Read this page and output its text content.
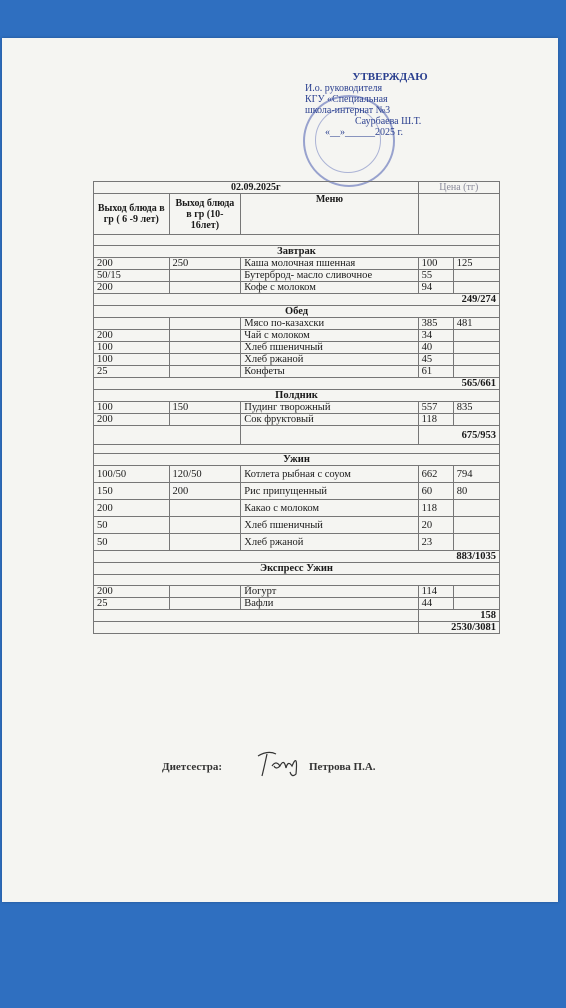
УТВЕРЖДАЮ
И.о. руководителя
КГУ «Специальная
школа-интернат №3
Саурбаева Ш.Т.
«__»______2025 г.
02.09.2025г			Цена (тг)	
Выход блюда в гр ( 6 -9 лет)	Выход блюда в гр (10-16лет)	Меню		

Завтрак				
200	250	Каша молочная пшенная	100	125
50/15		Бутерброд- масло сливочное	55	
200		Кофе с молоком	94	
				249/274
Обед				
		Мясо по-казахски	385	481
200		Чай с молоком	34	
100		Хлеб пшеничный	40	
100		Хлеб ржаной	45	
25		Конфеты	61	
				565/661
Полдник				
100	150	Пудинг творожный	557	835
200		Сок фруктовый	118	
			675/953	

Ужин				
100/50	120/50	Котлета рыбная с соуом	662	794
150	200	Рис припущенный	60	80
200		Какао с молоком	118	
50		Хлеб пшеничный	20	
50		Хлеб ржаной	23	
				883/1035
Экспресс Ужин				

200		Йогурт	114	
25		Вафли	44	
			158	
			2530/3081	
Диетсестра:	Петрова П.А.
